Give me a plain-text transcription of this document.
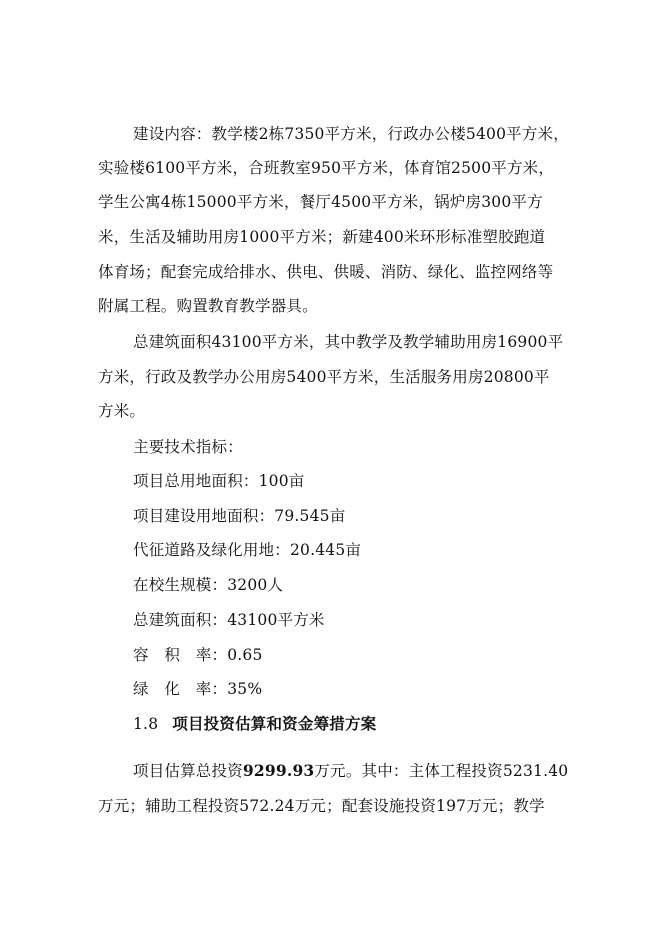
建设内容：教学楼2栋7350平方米，行政办公楼5400平方米，
实验楼6100平方米，合班教室950平方米，体育馆2500平方米，
学生公寓4栋15000平方米，餐厅4500平方米，锅炉房300平方
米，生活及辅助用房1000平方米；新建400米环形标准塑胶跑道
体育场；配套完成给排水、供电、供暖、消防、绿化、监控网络等
附属工程。购置教育教学器具。
总建筑面积43100平方米，其中教学及教学辅助用房16900平
方米，行政及教学办公用房5400平方米，生活服务用房20800平
方米。
主要技术指标：
项目总用地面积：100亩
项目建设用地面积：79.545亩
代征道路及绿化用地：20.445亩
在校生规模：3200人
总建筑面积：43100平方米
容　积　率：0.65
绿　化　率：35%
1.8 项目投资估算和资金筹措方案
项目估算总投资9299.93万元。其中：主体工程投资5231.40
万元；辅助工程投资572.24万元；配套设施投资197万元；教学
